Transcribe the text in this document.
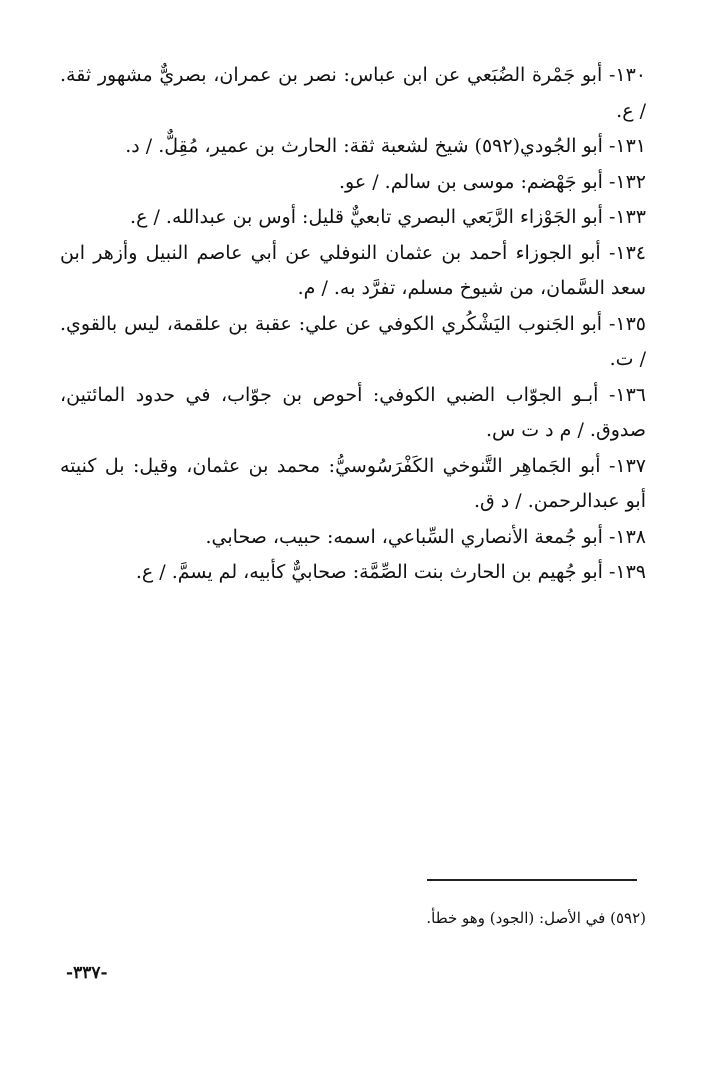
١٣٠- أبو جَمْرة الضُبَعي عن ابن عباس: نصر بن عمران، بصريٌّ مشهور ثقة. / ع.

١٣١- أبو الجُودي(٥٩٢) شيخ لشعبة ثقة: الحارث بن عمير، مُقِلٌّ. / د.

١٣٢- أبو جَهْضم: موسى بن سالم. / عو.

١٣٣- أبو الجَوْزاء الرَّبَعي البصري تابعيٌّ قليل: أوس بن عبدالله. / ع.

١٣٤- أبو الجوزاء أحمد بن عثمان النوفلي عن أبي عاصم النبيل وأزهر ابن سعد السَّمان، من شيوخ مسلم، تفرَّد به. / م.

١٣٥- أبو الجَنوب اليَشْكُري الكوفي عن علي: عقبة بن علقمة، ليس بالقوي. / ت.

١٣٦- أبـو الجوّاب الضبي الكوفي: أحوص بن جوّاب، في حدود المائتين، صدوق. / م د ت س.

١٣٧- أبو الجَماهِر التَّنوخي الكَفْرَسُوسيُّ: محمد بن عثمان، وقيل: بل كنيته أبو عبدالرحمن. / د ق.

١٣٨- أبو جُمعة الأنصاري السِّباعي، اسمه: حبيب، صحابي.

١٣٩- أبو جُهيم بن الحارث بنت الصِّمَّة: صحابيٌّ كأبيه، لم يسمَّ. / ع.

(٥٩٢) في الأصل: (الجود) وهو خطأ.

-٣٣٧-
